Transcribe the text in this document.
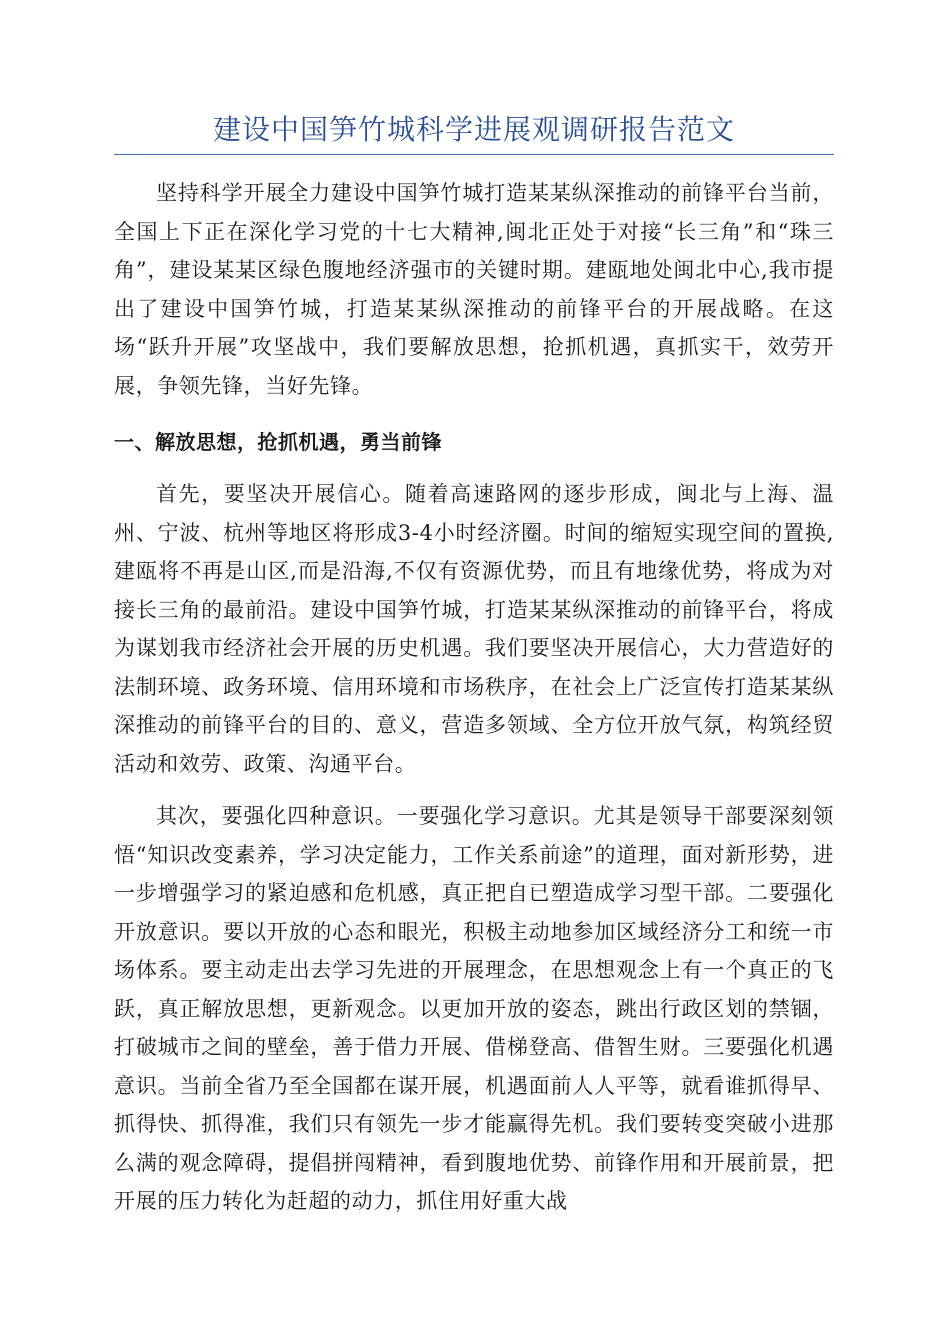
建设中国笋竹城科学进展观调研报告范文

坚持科学开展全力建设中国笋竹城打造某某纵深推动的前锋平台当前，全国上下正在深化学习党的十七大精神,闽北正处于对接“长三角”和“珠三角”，建设某某区绿色腹地经济强市的关键时期。建瓯地处闽北中心,我市提出了建设中国笋竹城，打造某某纵深推动的前锋平台的开展战略。在这场“跃升开展”攻坚战中，我们要解放思想，抢抓机遇，真抓实干，效劳开展，争领先锋，当好先锋。

一、解放思想，抢抓机遇，勇当前锋

首先，要坚决开展信心。随着高速路网的逐步形成，闽北与上海、温州、宁波、杭州等地区将形成3-4小时经济圈。时间的缩短实现空间的置换,建瓯将不再是山区,而是沿海,不仅有资源优势，而且有地缘优势，将成为对接长三角的最前沿。建设中国笋竹城，打造某某纵深推动的前锋平台，将成为谋划我市经济社会开展的历史机遇。我们要坚决开展信心，大力营造好的法制环境、政务环境、信用环境和市场秩序，在社会上广泛宣传打造某某纵深推动的前锋平台的目的、意义，营造多领域、全方位开放气氛，构筑经贸活动和效劳、政策、沟通平台。

其次，要强化四种意识。一要强化学习意识。尤其是领导干部要深刻领悟“知识改变素养，学习决定能力，工作关系前途”的道理，面对新形势，进一步增强学习的紧迫感和危机感，真正把自已塑造成学习型干部。二要强化开放意识。要以开放的心态和眼光，积极主动地参加区域经济分工和统一市场体系。要主动走出去学习先进的开展理念，在思想观念上有一个真正的飞跃，真正解放思想，更新观念。以更加开放的姿态，跳出行政区划的禁锢，打破城市之间的壁垒，善于借力开展、借梯登高、借智生财。三要强化机遇意识。当前全省乃至全国都在谋开展，机遇面前人人平等，就看谁抓得早、抓得快、抓得准，我们只有领先一步才能赢得先机。我们要转变突破小进那么满的观念障碍，提倡拼闯精神，看到腹地优势、前锋作用和开展前景，把开展的压力转化为赶超的动力，抓住用好重大战
